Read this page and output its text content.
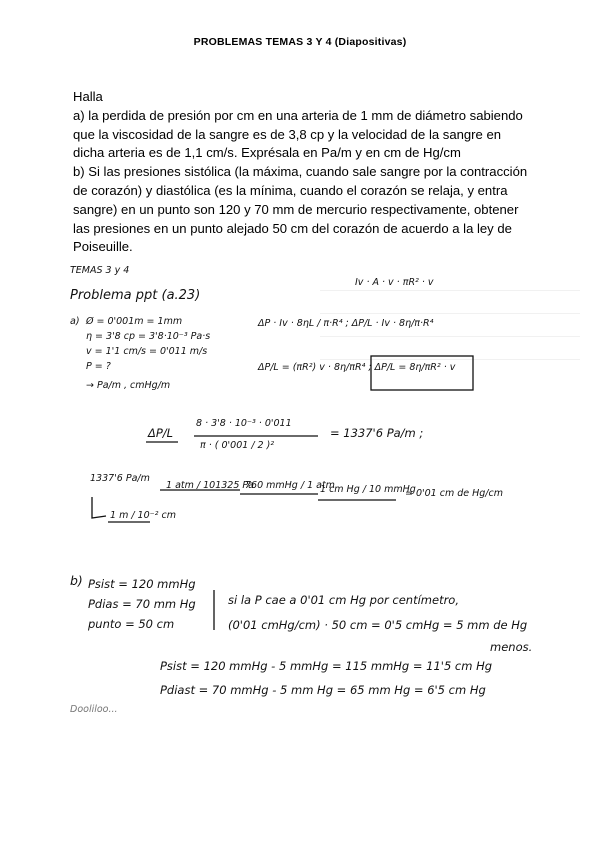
PROBLEMAS TEMAS 3 Y 4 (Diapositivas)

Halla

a) la perdida de presión por cm en una arteria de 1 mm de diámetro sabiendo que la viscosidad de la sangre es de 3,8 cp y la velocidad de la sangre en dicha arteria es de 1,1 cm/s. Exprésala en Pa/m y en cm de Hg/cm

b) Si las presiones sistólica (la máxima, cuando sale sangre por la contracción de corazón) y diastólica (es la mínima, cuando el corazón se relaja, y entra sangre) en un punto son 120 y 70 mm de mercurio respectivamente, obtener las presiones en un punto alejado 50 cm del corazón de acuerdo a la ley de Poiseuille.

TEMAS 3 y 4
Problema ppt (a.23)
Iv · A · v · πR² · v
a) Ø = 0'001m = 1mm
η = 3'8 cp = 3'8·10⁻³ Pa·s
v = 1'1 cm/s = 0'011 m/s
P = ?
→ Pa/m , cmHg/m
ΔP · Iv · 8ηL / π·R⁴ ; ΔP/L · Iv · 8η/π·R⁴
ΔP/L = (πR²) v · 8η/πR⁴ ; ΔP/L = 8η/πR² · v
ΔP/L
8 · 3'8 · 10⁻³ · 0'011
π · ( 0'001 / 2 )²
= 1337'6 Pa/m ;
1337'6 Pa/m
1 atm / 101325 Pa
760 mmHg / 1 atm
1 cm Hg / 10 mmHg
= 0'01 cm de Hg/cm
1 m / 10⁻² cm
b) Psist = 120 mmHg
Pdias = 70 mm Hg
punto = 50 cm
si la P cae a 0'01 cm Hg por centímetro,
(0'01 cmHg/cm) · 50 cm = 0'5 cmHg = 5 mm de Hg
menos.
Psist = 120 mmHg - 5 mmHg = 115 mmHg = 11'5 cm Hg
Pdiast = 70 mmHg - 5 mm Hg = 65 mm Hg = 6'5 cm Hg
Dooliloo...
